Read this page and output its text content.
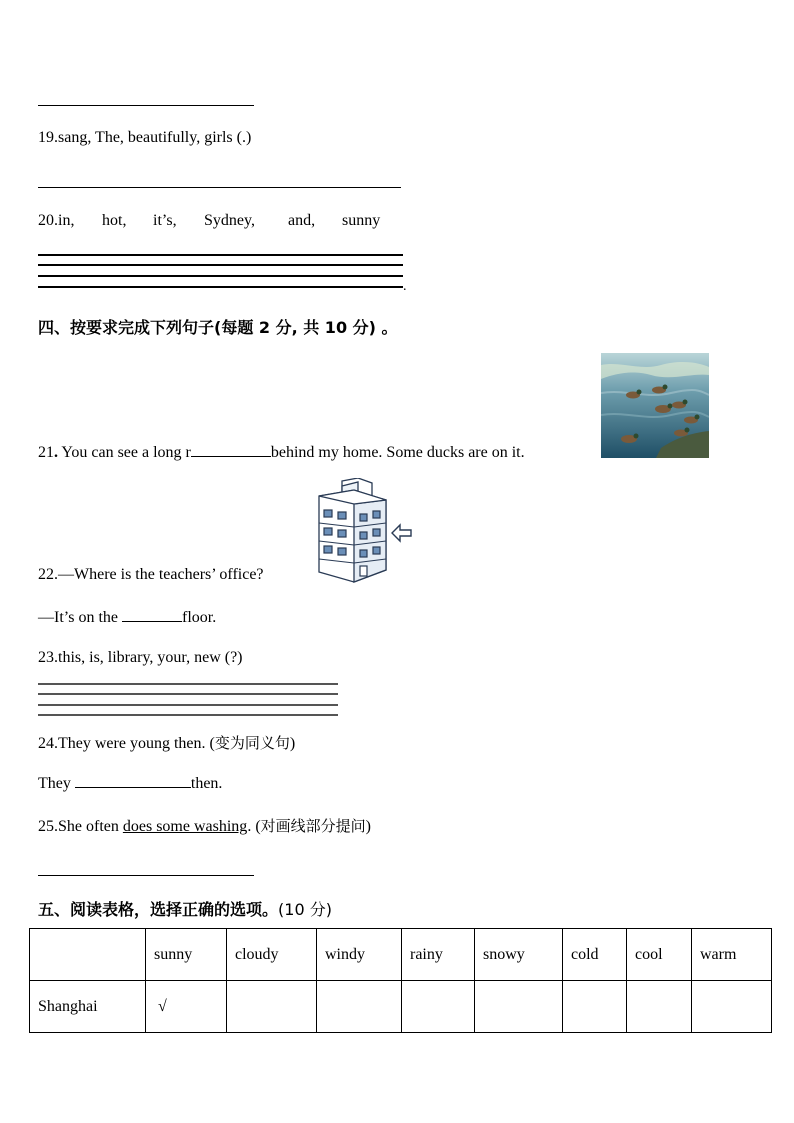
19.sang, The, beautifully, girls (.)
20.in, hot, it’s, Sydney, and, sunny
.
四、按要求完成下列句子(每题 2 分, 共 10 分) 。
21. You can see a long r	behind my home. Some ducks are on it.
22.—Where is the teachers’ office?
—It’s on the	floor.
23.this, is, library, your, new (?)
24.They were young then. (变为同义句)
They	then.
25.She often does some washing. (对画线部分提问)
五、阅读表格，选择正确的选项。(10 分)
	sunny	cloudy	windy	rainy	snowy	cold	cool	warm
Shanghai	√							
